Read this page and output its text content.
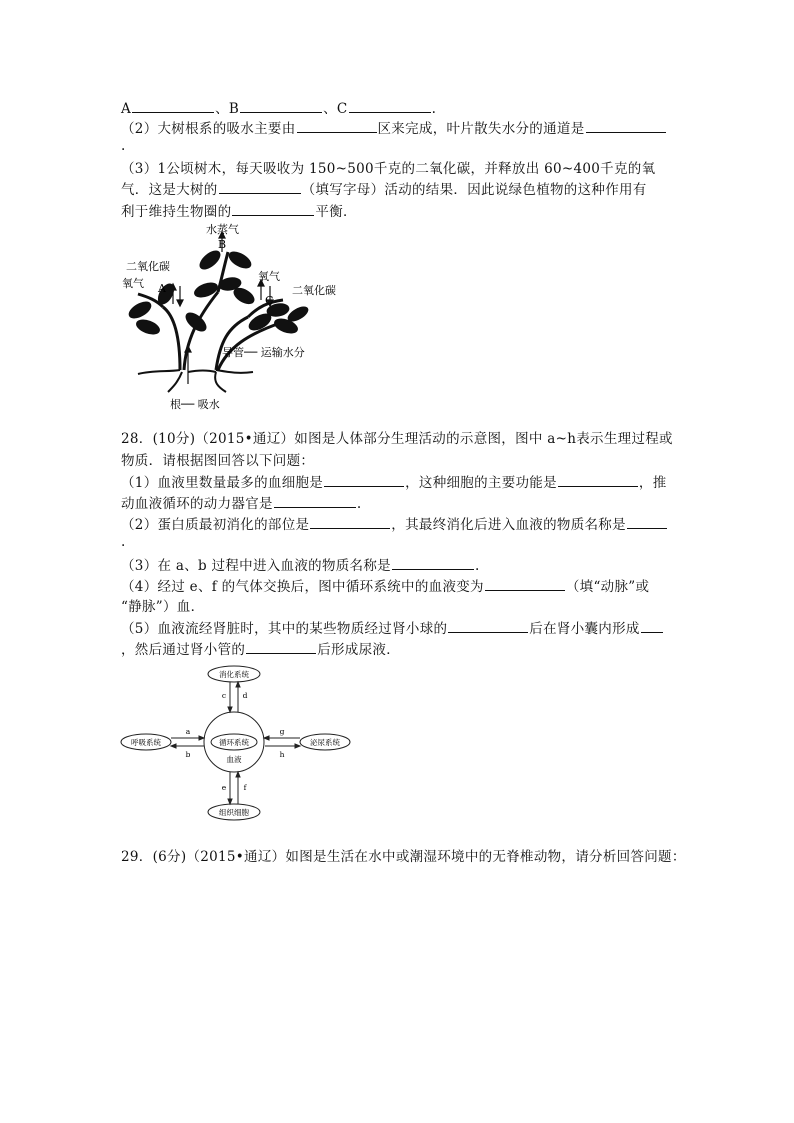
A	、B	、C	.
（2）大树根系的吸水主要由	区来完成，叶片散失水分的通道是
.
（3）1公顷树木，每天吸收为 150~500千克的二氧化碳，并释放出 60~400千克的氧
气．这是大树的	（填写字母）活动的结果．因此说绿色植物的这种作用有
利于维持生物圈的	平衡．
水蒸气
B
二氧化碳
氧气 A
氧气
C
二氧化碳
导管── 运输水分
根── 吸水
28．(10分)（2015•通辽）如图是人体部分生理活动的示意图，图中 a~h表示生理过程或
物质．请根据图回答以下问题：
（1）血液里数量最多的血细胞是	，这种细胞的主要功能是	，推
动血液循环的动力器官是	.
（2）蛋白质最初消化的部位是	，其最终消化后进入血液的物质名称是
.
（3）在 a、b 过程中进入血液的物质名称是	.
（4）经过 e、f 的气体交换后，图中循环系统中的血液变为	（填“动脉”或
“静脉”）血．
（5）血液流经肾脏时，其中的某些物质经过肾小球的	后在肾小囊内形成
，然后通过肾小管的	后形成尿液．
消化系统
呼吸系统	循环系统
血液
泌尿系统
组织细胞
c d
a
b
g
h
e f
29．(6分)（2015•通辽）如图是生活在水中或潮湿环境中的无脊椎动物，请分析回答问题：
